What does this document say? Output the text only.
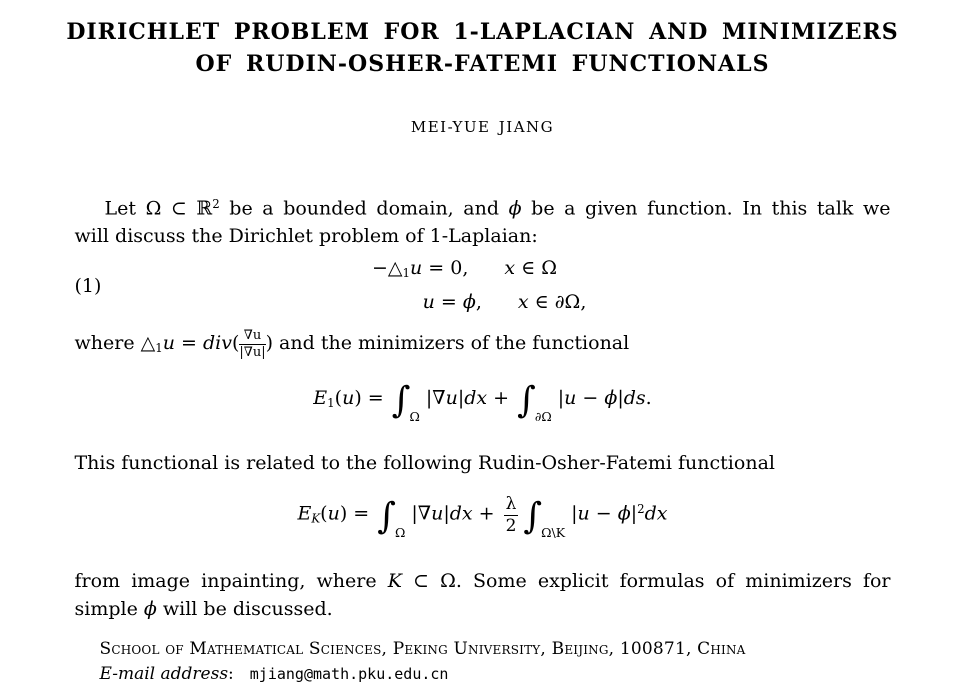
DIRICHLET PROBLEM FOR 1-LAPLACIAN AND MINIMIZERS
OF RUDIN-OSHER-FATEMI FUNCTIONALS
MEI-YUE JIANG
Let Ω ⊂ ℝ$^2$ be a bounded domain, and ϕ be a given function. In this talk we
will discuss the Dirichlet problem of 1-Laplaian:
(1)
−△1u = 0, x ∈ Ω
u = ϕ, x ∈ ∂Ω,
where △1u = $div( \frac{\nabla u}{|\nabla u|}$ ) and the minimizers of the functional
$E1(u) = \int_\Omega|\nabla u|dx + \int_{\partial\Omega}|u - \phi|ds$.
This functional is related to the following Rudin-Osher-Fatemi functional
$EK(u) = \int_\Omega|\nabla u|dx + \frac{\lambda}{2} \int_{\Omega\backslash K}|u - \phi|^2dx$
from image inpainting, where K ⊂ Ω. Some explicit formulas of minimizers for
simple ϕ will be discussed.
School of Mathematical Sciences, Peking University, Beijing, 100871, China
E-mail address: mjiang@math.pku.edu.cn
